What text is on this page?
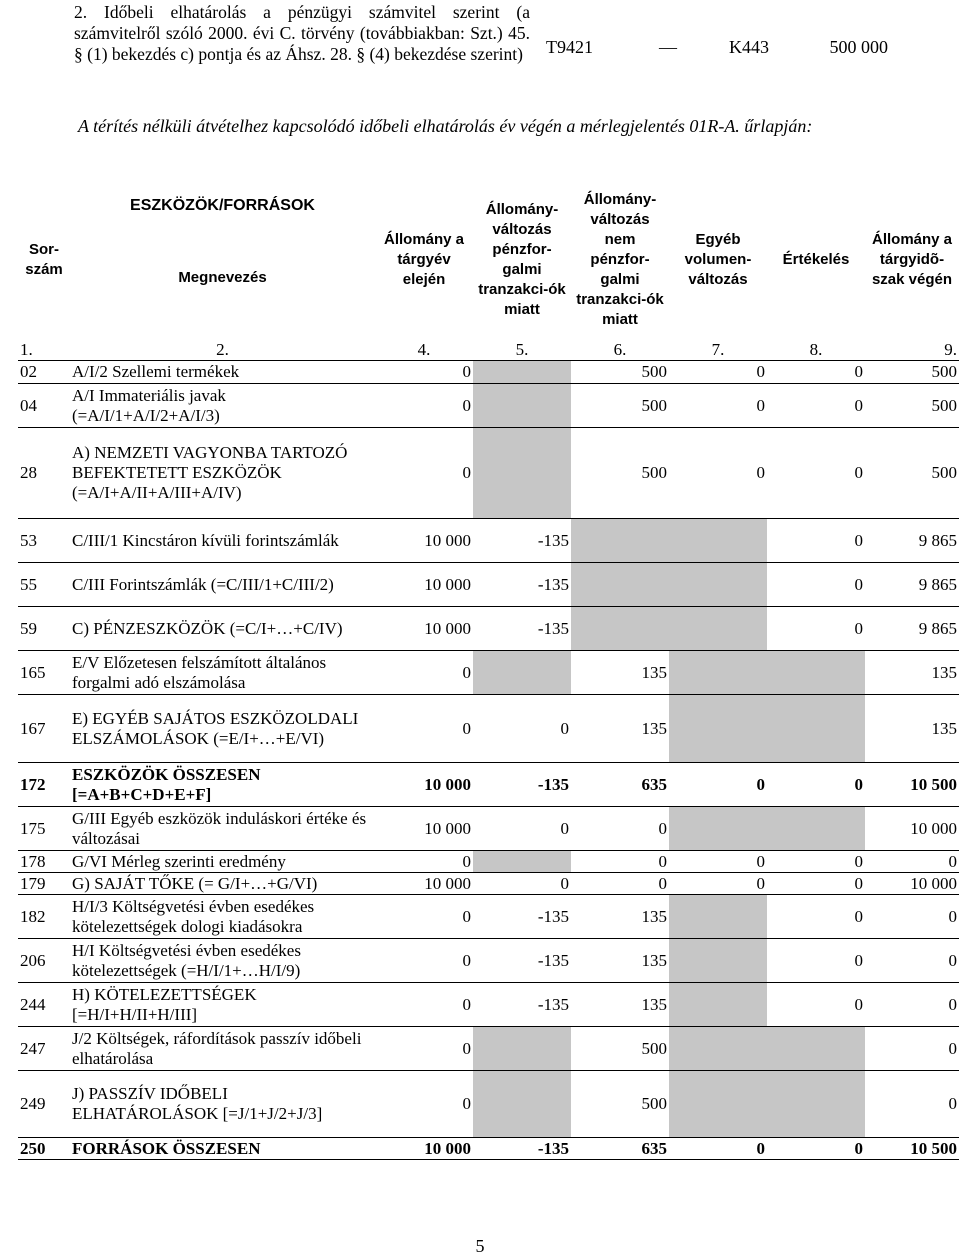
2. Időbeli elhatárolás a pénzügyi számvitel szerint (a számvitelről szóló 2000. évi C. törvény (továbbiakban: Szt.) 45. § (1) bekezdés c) pontja és az Áhsz. 28. § (4) bekezdése szerint)	T9421	—	K443	500 000
A térítés nélküli átvételhez kapcsolódó időbeli elhatárolás év végén a mérlegjelentés 01R-A. űrlapján:
Sor-szám	ESZKÖZÖK/FORRÁSOK
Megnevezés	Állomány a tárgyév elején	Állomány-változás pénzfor-galmi tranzakci-ók miatt	Állomány-változás nem pénzfor-galmi tranzakci-ók miatt	Egyéb volumen-változás	Értékelés	Állomány a tárgyidõ-szak végén
1.	2.	4.	5.	6.	7.	8.	9.
02	A/I/2 Szellemi termékek	0		500	0	0	500
04	A/I Immateriális javak (=A/I/1+A/I/2+A/I/3)	0		500	0	0	500
28	A) NEMZETI VAGYONBA TARTOZÓ BEFEKTETETT ESZKÖZÖK (=A/I+A/II+A/III+A/IV)	0		500	0	0	500
53	C/III/1 Kincstáron kívüli forintszámlák	10 000	-135			0	9 865
55	C/III Forintszámlák (=C/III/1+C/III/2)	10 000	-135			0	9 865
59	C) PÉNZESZKÖZÖK (=C/I+…+C/IV)	10 000	-135			0	9 865
165	E/V Előzetesen felszámított általános forgalmi adó elszámolása	0		135			135
167	E) EGYÉB SAJÁTOS ESZKÖZOLDALI ELSZÁMOLÁSOK (=E/I+…+E/VI)	0	0	135			135
172	ESZKÖZÖK ÖSSZESEN [=A+B+C+D+E+F]	10 000	-135	635	0	0	10 500
175	G/III Egyéb eszközök induláskori értéke és változásai	10 000	0	0			10 000
178	G/VI Mérleg szerinti eredmény	0		0	0	0	0
179	G) SAJÁT TŐKE (= G/I+…+G/VI)	10 000	0	0	0	0	10 000
182	H/I/3 Költségvetési évben esedékes kötelezettségek dologi kiadásokra	0	-135	135		0	0
206	H/I Költségvetési évben esedékes kötelezettségek (=H/I/1+…H/I/9)	0	-135	135		0	0
244	H) KÖTELEZETTSÉGEK [=H/I+H/II+H/III]	0	-135	135		0	0
247	J/2 Költségek, ráfordítások passzív időbeli elhatárolása	0		500			0
249	J) PASSZÍV IDŐBELI ELHATÁROLÁSOK [=J/1+J/2+J/3]	0		500			0
250	FORRÁSOK ÖSSZESEN	10 000	-135	635	0	0	10 500
5
